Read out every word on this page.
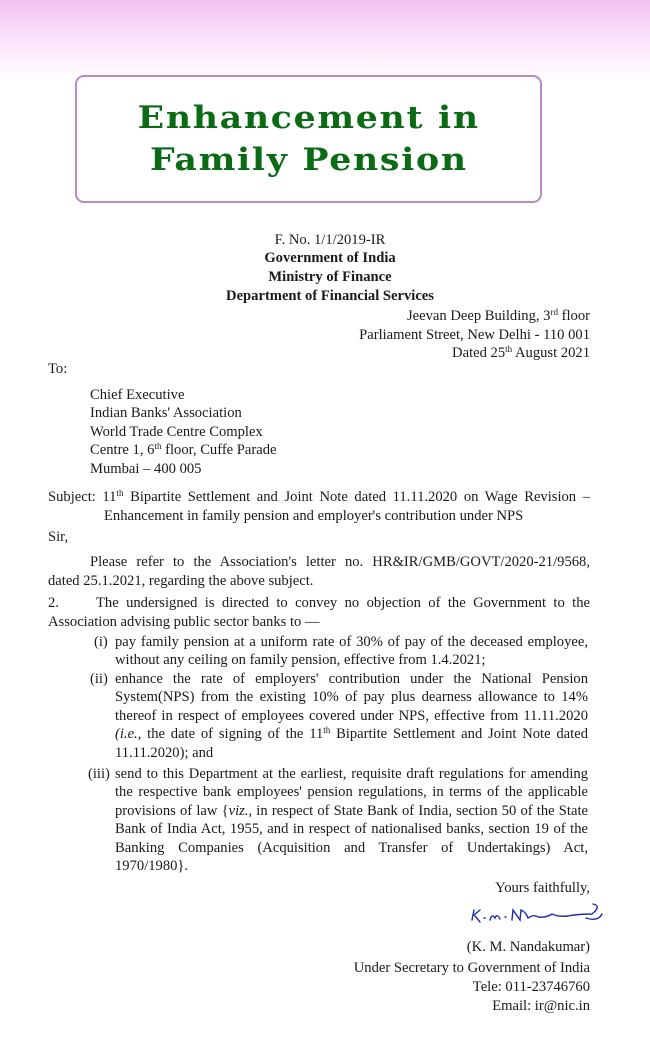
Enhancement in
Family Pension
F. No. 1/1/2019-IR
Government of India
Ministry of Finance
Department of Financial Services
Jeevan Deep Building, 3rd floor
Parliament Street, New Delhi - 110 001
Dated 25th August 2021
To:
Chief Executive
Indian Banks' Association
World Trade Centre Complex
Centre 1, 6th floor, Cuffe Parade
Mumbai – 400 005
Subject: 11th Bipartite Settlement and Joint Note dated 11.11.2020 on Wage Revision –
Enhancement in family pension and employer's contribution under NPS
Sir,
Please refer to the Association's letter no. HR&IR/GMB/GOVT/2020-21/9568,
dated 25.1.2021, regarding the above subject.
2.	The undersigned is directed to convey no objection of the Government to the
Association advising public sector banks to —
(i) pay family pension at a uniform rate of 30% of pay of the deceased employee,
without any ceiling on family pension, effective from 1.4.2021;
(ii) enhance the rate of employers' contribution under the National Pension
System(NPS) from the existing 10% of pay plus dearness allowance to 14%
thereof in respect of employees covered under NPS, effective from 11.11.2020
(i.e., the date of signing of the 11th Bipartite Settlement and Joint Note dated
11.11.2020); and
(iii) send to this Department at the earliest, requisite draft regulations for amending
the respective bank employees' pension regulations, in terms of the applicable
provisions of law {viz., in respect of State Bank of India, section 50 of the State
Bank of India Act, 1955, and in respect of nationalised banks, section 19 of the
Banking Companies (Acquisition and Transfer of Undertakings) Act,
1970/1980}.
Yours faithfully,
(K. M. Nandakumar)
Under Secretary to Government of India
Tele: 011-23746760
Email: ir@nic.in
